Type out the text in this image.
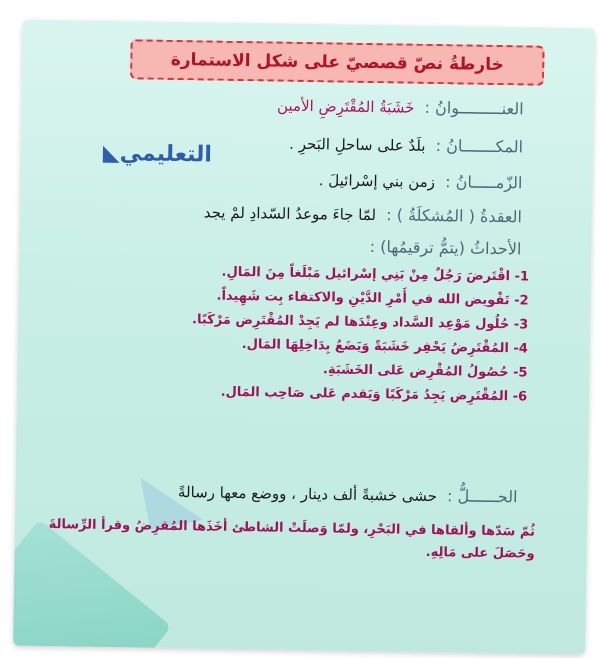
◣التعليمي
◣
خارطةُ نصّ قصصيّ على شكل الاستمارة
العنـــــــــوانُ :  خَشَبَةُ المُقْتَرِضِ الأمين
المكـــــــانُ :  بلَدٌ على ساحلِ البَحرِ .
الزّمـــــانُ :  زمن بني إسْرائيلَ .
العقدةُ ( المُشكلَةُ ) :  لمّا جاءَ موعدُ السّدادِ لمْ يجد
الأحداثُ (يتمُّ ترقيمُها) :
1- اقْتَرضَ رَجُلٌ مِنْ بَنِي إسْرائيل مَبْلَغاً مِنَ المَالِ.
2- تَفْويض الله في أَمْرِ الدَّيْنِ والاكتفاء بِت شَهِيداً.
3- حُلُول مَوْعِد السَّداد وعِنْدَها لم يَجِدْ المُقْتَرِض مَرْكَبًا.
4- المُقْتَرِضُ يَحْفِر خَشَبَةً وَيَضَعُ بِدَاخِلِهَا المَال.
5- حُصُولُ المُقْرِض عَلى الخَشَبَةِ.
6- المُقْتَرِض يَجِدُ مَرْكَبًا وَيَقدم عَلى صَاحِب المَال.
الحــــــلُّ :  حشى خشبةً ألف دينار ، ووضع معها رسالةً
ثُمّ سَدّها وألقاها في البَحْرِ، ولمّا وَصلَتْ الشاطئ أخَذَها المُقرِضُ وقرأ الرِّسالةَ
وحَصَلَ على مَالِهِ.
